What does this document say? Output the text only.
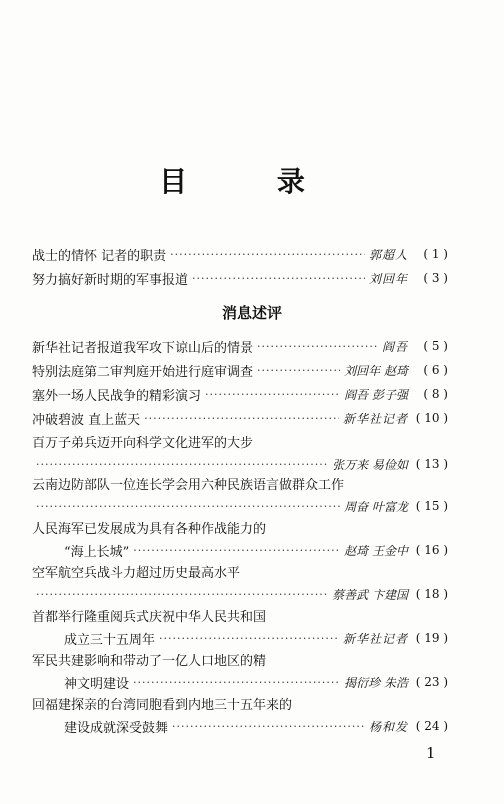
目 录
战士的情怀 记者的职责 ·····	郭超人	( 1 )
努力搞好新时期的军事报道 ·····	刘回年	( 3 )
消息述评
新华社记者报道我军攻下谅山后的情景 ·····	阎吾	( 5 )
特别法庭第二审判庭开始进行庭审调查 ·····	刘回年 赵琦	( 6 )
塞外一场人民战争的精彩演习 ·····	阎吾 彭子强	( 8 )
冲破碧波 直上蓝天 ·····	新华社记者 ( 10 )
百万子弟兵迈开向科学文化进军的大步
·····
张万来 易俭如 ( 13 )
云南边防部队一位连长学会用六种民族语言做群众工作
·····
周奋 叶富龙 ( 15 )
人民海军已发展成为具有各种作战能力的
“海上长城” ·····	赵琦 王金中 ( 16 )
空军航空兵战斗力超过历史最高水平
·····
蔡善武 卞建国 ( 18 )
首都举行隆重阅兵式庆祝中华人民共和国
成立三十五周年 ·····	新华社记者 ( 19 )
军民共建影响和带动了一亿人口地区的精
神文明建设 ·····	揭衍珍 朱浩 ( 23 )
回福建探亲的台湾同胞看到内地三十五年来的
建设成就深受鼓舞 ·····	杨和发 ( 24 )
1
